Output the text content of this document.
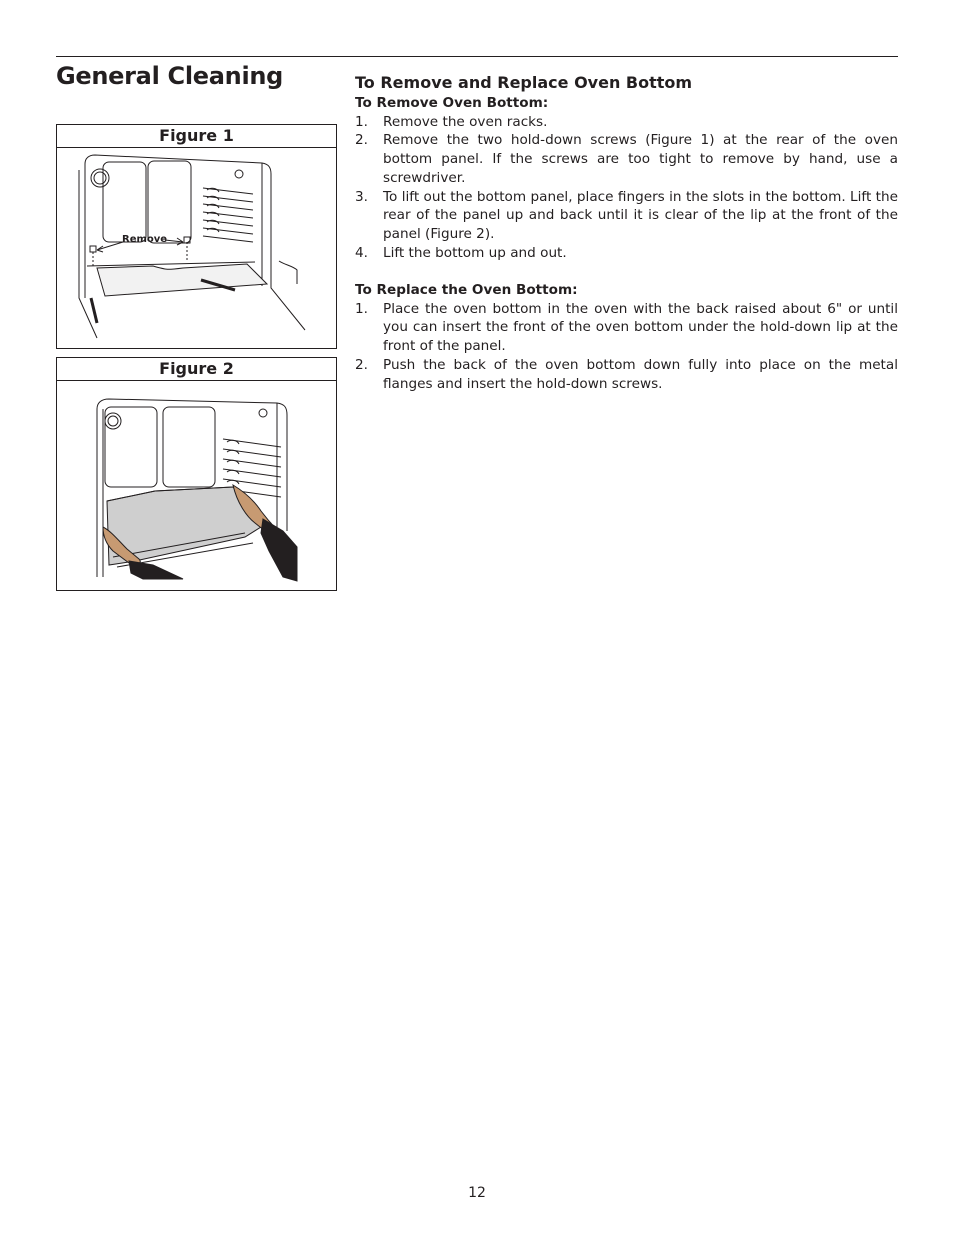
General Cleaning
Figure 1
Remove
Figure 2
To Remove and Replace Oven Bottom
To Remove Oven Bottom:
1. Remove the oven racks.
2. Remove the two hold-down screws (Figure 1) at the rear of the oven bottom panel. If the screws are too tight to remove by hand, use a screwdriver.
3. To lift out the bottom panel, place fingers in the slots in the bottom. Lift the rear of the panel up and back until it is clear of the lip at the front of the panel (Figure 2).
4. Lift the bottom up and out.
To Replace the Oven Bottom:
1. Place the oven bottom in the oven with the back raised about 6" or until you can insert the front of the oven bottom under the hold-down lip at the front of the panel.
2. Push the back of the oven bottom down fully into place on the metal flanges and insert the hold-down screws.
12
